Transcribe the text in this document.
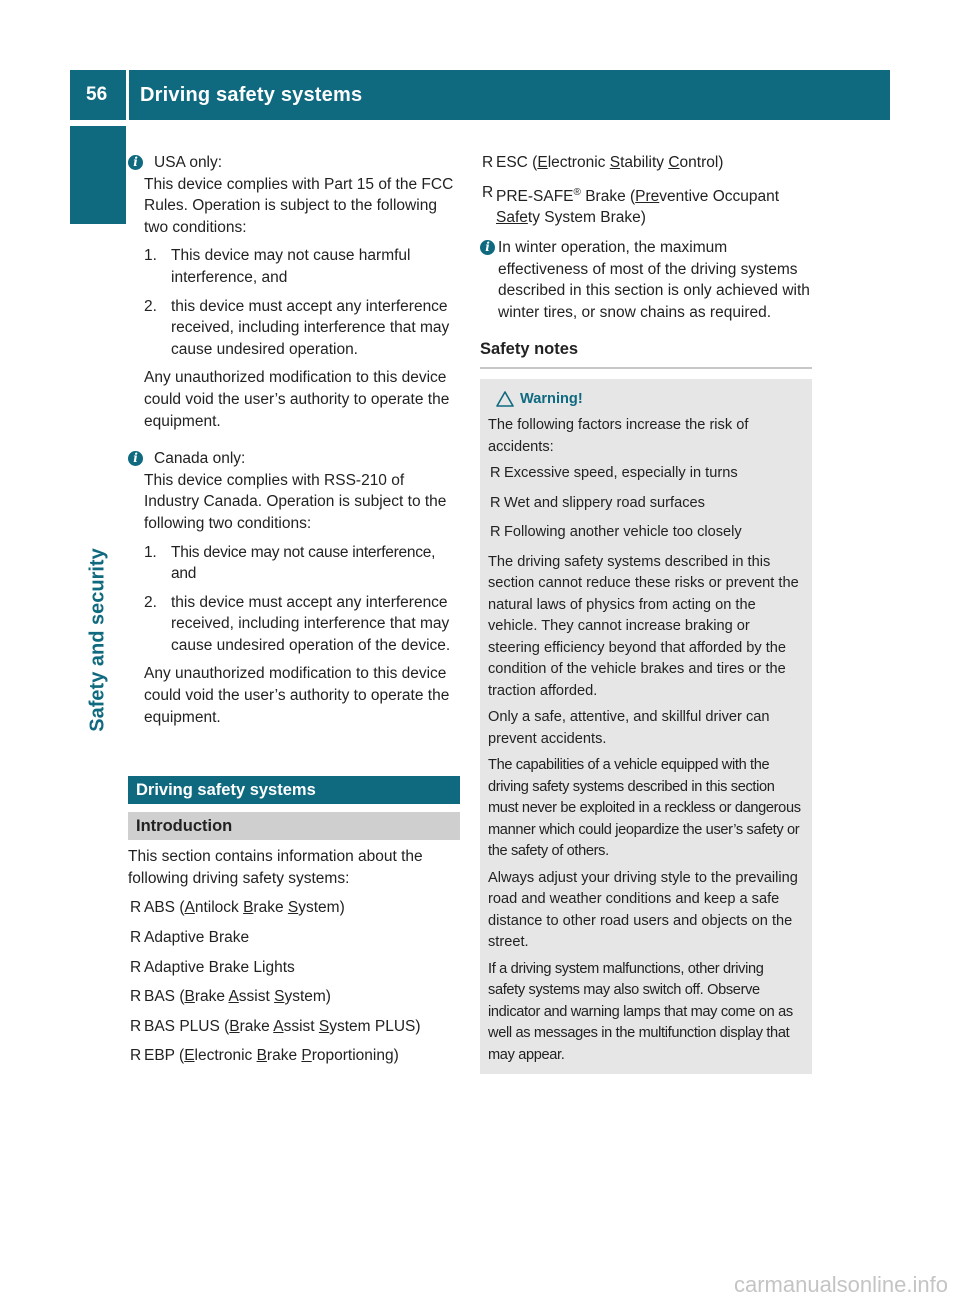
56	Driving safety systems
Safety and security
i	USA only:
This device complies with Part 15 of the FCC Rules. Operation is subject to the following two conditions:
1. This device may not cause harmful interference, and
2. this device must accept any interference received, including interference that may cause undesired operation.
Any unauthorized modification to this device could void the user’s authority to operate the equipment.
i	Canada only:
This device complies with RSS-210 of Industry Canada. Operation is subject to the following two conditions:
1. This device may not cause interference, and
2. this device must accept any interference received, including interference that may cause undesired operation of the device.
Any unauthorized modification to this device could void the user’s authority to operate the equipment.
Driving safety systems
Introduction
This section contains information about the following driving safety systems:
R ABS (Antilock Brake System)
R Adaptive Brake
R Adaptive Brake Lights
R BAS (Brake Assist System)
R BAS PLUS (Brake Assist System PLUS)
R EBP (Electronic Brake Proportioning)
R ESC (Electronic Stability Control)
R PRE-SAFE® Brake (Preventive Occupant Safety System Brake)
i In winter operation, the maximum effectiveness of most of the driving systems described in this section is only achieved with winter tires, or snow chains as required.
Safety notes
Warning!
The following factors increase the risk of accidents:
R Excessive speed, especially in turns
R Wet and slippery road surfaces
R Following another vehicle too closely
The driving safety systems described in this section cannot reduce these risks or prevent the natural laws of physics from acting on the vehicle. They cannot increase braking or steering efficiency beyond that afforded by the condition of the vehicle brakes and tires or the traction afforded.
Only a safe, attentive, and skillful driver can prevent accidents.
The capabilities of a vehicle equipped with the driving safety systems described in this section must never be exploited in a reckless or dangerous manner which could jeopardize the user’s safety or the safety of others.
Always adjust your driving style to the prevailing road and weather conditions and keep a safe distance to other road users and objects on the street.
If a driving system malfunctions, other driving safety systems may also switch off. Observe indicator and warning lamps that may come on as well as messages in the multifunction display that may appear.
carmanualsonline.info
